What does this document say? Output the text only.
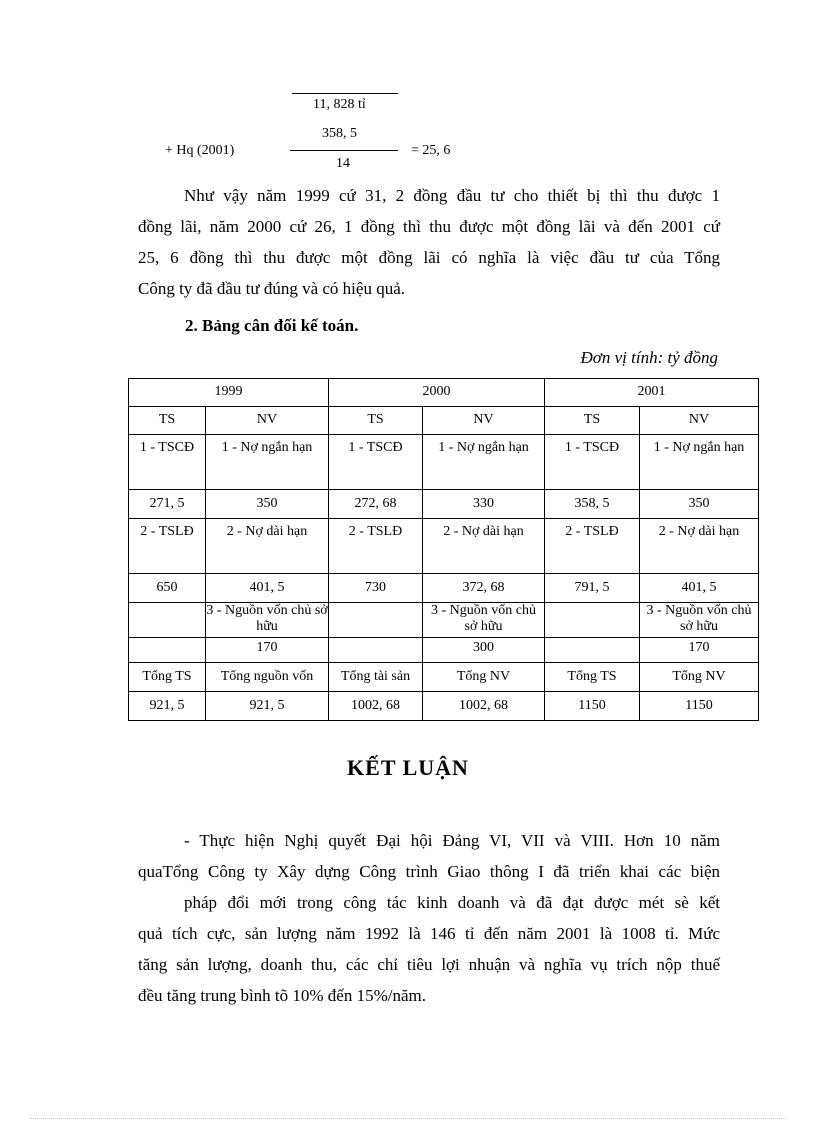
11, 828 tỉ
+ Hq (2001)
358, 5
14
= 25, 6
Như vậy năm 1999 cứ 31, 2 đồng đầu tư cho thiết bị thì thu được 1
đồng lãi, năm 2000 cứ 26, 1 đồng thì thu được một đồng lãi và đến 2001 cứ
25, 6 đồng thì thu được một đồng lãi có nghĩa là việc đầu tư của Tổng
Công ty đã đầu tư đúng và có hiệu quả.
2. Bảng cân đối kế toán.
Đơn vị tính: tỷ đồng
1999		2000		2001	
TS	NV	TS	NV	TS	NV
1 - TSCĐ	1 - Nợ ngắn hạn	1 - TSCĐ	1 - Nợ ngắn hạn	1 - TSCĐ	1 - Nợ ngắn hạn
271, 5	350	272, 68	330	358, 5	350
2 - TSLĐ	2 - Nợ dài hạn	2 - TSLĐ	2 - Nợ dài hạn	2 - TSLĐ	2 - Nợ dài hạn
650	401, 5	730	372, 68	791, 5	401, 5
	3 - Nguồn vốn chủ sở hữu		3 - Nguồn vốn chủ sở hữu		3 - Nguồn vốn chủ sở hữu
	170		300		170
Tổng TS	Tổng nguồn vốn	Tổng tài sản	Tổng NV	Tổng TS	Tổng NV
921, 5	921, 5	1002, 68	1002, 68	1150	1150
KẾT LUẬN
- Thực hiện Nghị quyết Đại hội Đảng VI, VII và VIII. Hơn 10 năm
quaTổng Công ty Xây dựng Công trình Giao thông I đã triển khai các biện
pháp đổi mới trong công tác kinh doanh và đã đạt được mét sè kết
quả tích cực, sản lượng năm 1992 là 146 tỉ đến năm 2001 là 1008 tỉ. Mức
tăng sản lượng, doanh thu, các chỉ tiêu lợi nhuận và nghĩa vụ trích nộp thuế
đều tăng trung bình tõ 10% đến 15%/năm.
